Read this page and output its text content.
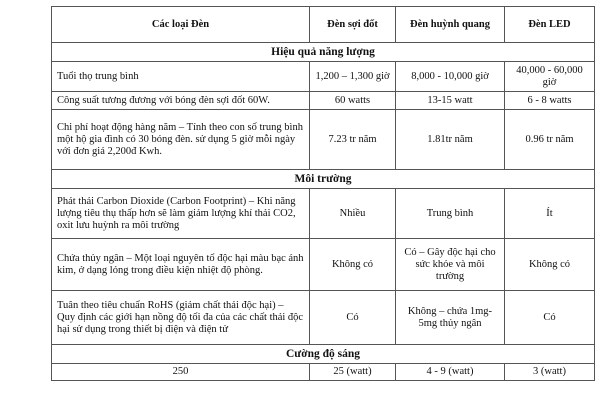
Các loại Đèn	Đèn sợi đốt	Đèn huỳnh quang	Đèn LED
Hiệu quả năng lượng			
Tuổi thọ trung bình	1,200 – 1,300 giờ	8,000 - 10,000 giờ	40,000 - 60,000 giờ
Công suất tương đương với bóng đèn sợi đốt 60W.	60 watts	13-15 watt	6 - 8 watts
Chi phí hoạt động hàng năm – Tính theo con số trung bình một hộ gia đình có 30 bóng đèn. sử dụng 5 giờ mỗi ngày với đơn giá 2,200đ Kwh.	7.23 tr năm	1.81tr năm	0.96 tr năm
Môi trường			
Phát thải Carbon Dioxide (Carbon Footprint) – Khi năng lượng tiêu thụ thấp hơn sẽ làm giảm lượng khí thải CO2, oxit lưu huỳnh ra môi trường	Nhiều	Trung bình	Ít
Chứa thủy ngân – Một loại nguyên tố độc hại màu bạc ánh kim, ở dạng lỏng trong điều kiện nhiệt độ phòng.	Không có	Có – Gây độc hại cho sức khỏe và môi trường	Không có
Tuân theo tiêu chuẩn RoHS (giảm chất thải độc hại) – Quy định các giới hạn nồng độ tối đa của các chất thải độc hại sử dụng trong thiết bị điện và điện tử	Có	Không – chứa 1mg-5mg thủy ngân	Có
Cường độ sáng			
250	25 (watt)	4 - 9 (watt)	3 (watt)
